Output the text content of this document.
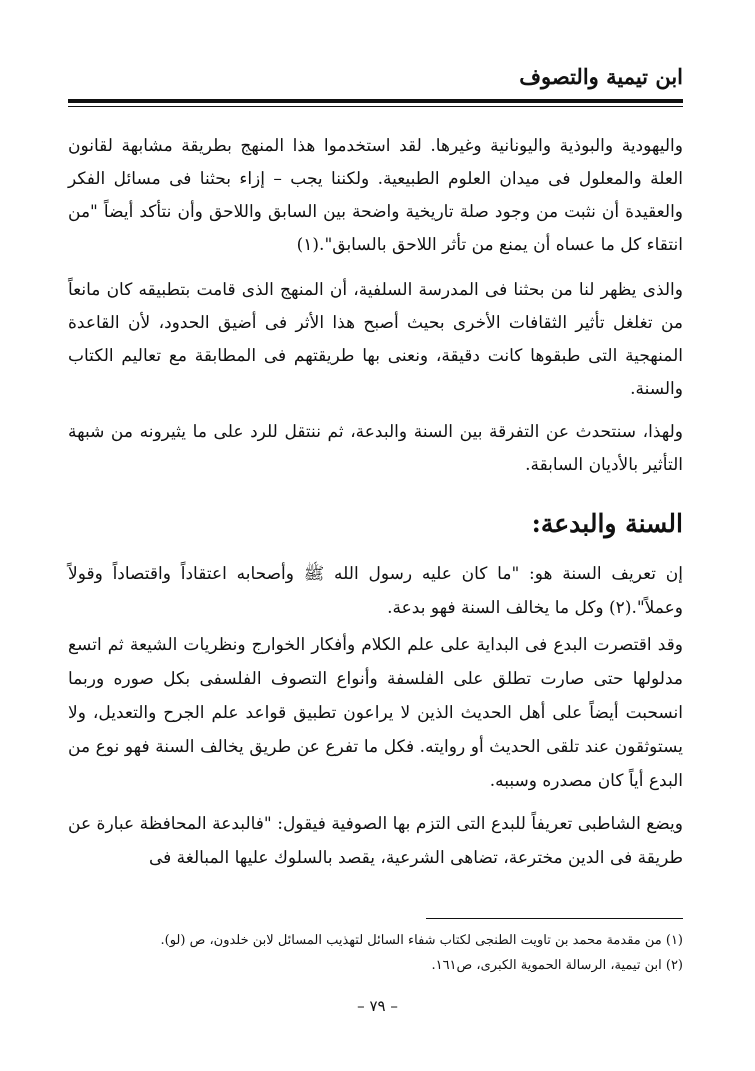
ابن تيمية والتصوف

واليهودية والبوذية واليونانية وغيرها. لقد استخدموا هذا المنهج بطريقة مشابهة لقانون العلة والمعلول فى ميدان العلوم الطبيعية. ولكننا يجب – إزاء بحثنا فى مسائل الفكر والعقيدة أن نثبت من وجود صلة تاريخية واضحة بين السابق واللاحق وأن نتأكد أيضاً "من انتقاء كل ما عساه أن يمنع من تأثر اللاحق بالسابق".(١)

والذى يظهر لنا من بحثنا فى المدرسة السلفية، أن المنهج الذى قامت بتطبيقه كان مانعاً من تغلغل تأثير الثقافات الأخرى بحيث أصبح هذا الأثر فى أضيق الحدود، لأن القاعدة المنهجية التى طبقوها كانت دقيقة، ونعنى بها طريقتهم فى المطابقة مع تعاليم الكتاب والسنة.

ولهذا، سنتحدث عن التفرقة بين السنة والبدعة، ثم ننتقل للرد على ما يثيرونه من شبهة التأثير بالأديان السابقة.

السنة والبدعة:

إن تعريف السنة هو: "ما كان عليه رسول الله ﷺ وأصحابه اعتقاداً واقتصاداً وقولاً وعملاً".(٢) وكل ما يخالف السنة فهو بدعة.

وقد اقتصرت البدع فى البداية على علم الكلام وأفكار الخوارج ونظريات الشيعة ثم اتسع مدلولها حتى صارت تطلق على الفلسفة وأنواع التصوف الفلسفى بكل صوره وربما انسحبت أيضاً على أهل الحديث الذين لا يراعون تطبيق قواعد علم الجرح والتعديل، ولا يستوثقون عند تلقى الحديث أو روايته. فكل ما تفرع عن طريق يخالف السنة فهو نوع من البدع أياً كان مصدره وسببه.

ويضع الشاطبى تعريفاً للبدع التى التزم بها الصوفية فيقول: "فالبدعة المحافظة عبارة عن طريقة فى الدين مخترعة، تضاهى الشرعية، يقصد بالسلوك عليها المبالغة فى

(١) من مقدمة محمد بن تاويت الطنجى لكتاب شفاء السائل لتهذيب المسائل لابن خلدون، ص (لو).
(٢) ابن تيمية، الرسالة الحموية الكبرى، ص١٦١.
– ٧٩ –
